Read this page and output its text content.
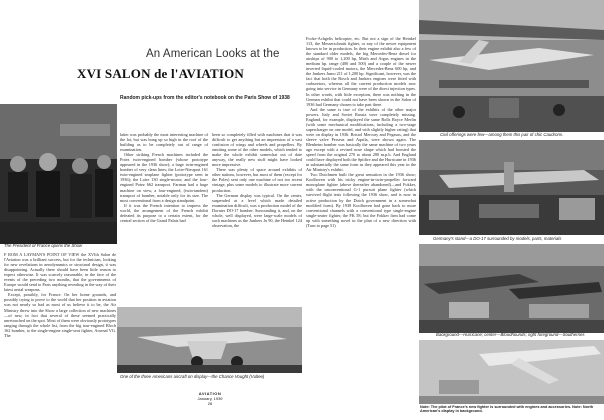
An American Looks at the
XVI SALON de l'AVIATION
Random pick-ups from the editor's notebook on the Paris Show of 1938
The President of France opens the Show
Civil offerings were few—among them this pair of chic Caudrons.
Germany's stand—a DO-17 surrounded by models, parts, materials
Background—Hurricane; center—Bloodhounds; right foreground—Southernes
One of the three Americans aircraft on display—the Chance Vought (Vultee)

F ROM A LAYMAN'S POINT OF VIEW the XVIth Salon de l'Aviation was a brilliant success, but for the technician, looking for new revelations in aerodynamics or structural design, it was disappointing. Actually there should have been little reason to expect otherwise. It was scarcely reasonable, in the face of the events of the preceding two months, that the governments of Europe would send to Paris anything revealing in the way of their latest aerial weapons.

Except, possibly, for France. On her home grounds, and possibly trying to prove to the world that her position in aviation was not nearly so bad as most of us believe it to be, the Air Ministry threw into the Show a large collection of new machines—of new, in fact that several of these seemed practically unretouched on the spot. Most of them were obviously prototypes ranging through the whole list, from the big tour-engined Bloch 162 bomber, to the single-engine single-seat fighter, Arsenal VG. The

latter was probably the most interesting machine of the lot, but was hung up so high in the roof of the building as to be completely out of range of examination.

Other striking French machines included the Potez twin-engined bomber (whose prototype appeared in the 1936 show); a large twin-engined bomber of very clean lines; the Loire-Nieuport 161 twin-engined seaplane fighter (prototype seen in 1936); the Loire 130 single-motor; and the four-engined Potez 662 transport. Farman had a huge machine on view, a four-engined, (twin-tandem) transport of bomber, notable only for its size. The most conventional from a design standpoint.

If it was the French intention to impress the world, the arrangement of the French exhibit defeated its purpose to a certain extent, for the central section of the Grand Palais had

been so completely filled with machines that it was difficult to get anything but an impression of a vast confusion of wings and wheels and propellers. By omitting some of the other models, which tended to make the whole exhibit somewhat out of date anyway, the really new stuff might have looked more impressive.

There was plenty of space around exhibits of other nations, however, but most of them (except for the Poles) sent only one machine of not too recent vintage, plus some models to illustrate more current production.

The German display was typical. On the center, suspended at a level which made detailed examination difficult, was a production model of the Dornier DO-17 bomber. Surrounding it, and, on the whole, well displayed, were large-scale models of such machines as the Junkers Ju 90, the Heinkel 124 observation, the

Focke-Achgelis helicopter, etc. But not a sign of the Heinkel 113, the Messerschmitt fighter, or any of the newer equipment known to be in production. In their engine exhibit also a few of the standard older models, the big Mercedes-Benz diesel for airships of 900 to 1,200 hp, Mirth and Argus engines in the medium hp. range (400 and 500) and a couple of the newer inverted liquid-cooled motors, the Mercedes-Benz 600 hp, and the Junkers Jumo 211 of 1,200 hp. Significant, however, was the fact that both the Bosch and Junkers engines were fitted with carburetors, whereas all the current production models now going into service in Germany were of the direct injection types. In other words, with little exception, there was nothing in the German exhibit that could not have been shown in the Salon of 1936 had Germany chosen to take part there.

And the same is true of the exhibits of the other major powers. Italy and Soviet Russia were completely missing. England, for example, displayed the same Rolls Royce Merlin (with some mechanical modifications, including a two-stage supercharger on one model, and with slightly higher rating) that were on display in 1936. Bristol Mercury and Pegasus, and the sleeve valve Perseus and Aquila, were shown again. The Blenheim bomber was basically the same machine of two years ago except with a revised nose shape which had boosted the speed from the original 270 to about 280 m.p.h. And England could have displayed both the Spitfire and the Hurricane in 1936 in substantially the same form as they appeared this year in the Air Ministry's exhibit.

Two Dutchmen built the great sensation in the 1936 show; Koolhoven with his tricky engine-in-twin-propeller forward monoplane fighter (above thereafter abandoned)—and Fokker, with the unconventional G-1 pursuit plane fighter (which survived flight tests following the 1936 show, and is now in active production by the Dutch government in a somewhat modified form). By 1938 Koolhoven had gone back to more conventional channels with a conventional type single-engine single-seater fighter, the FK 58; but the Fokker firm had come up with something novel in the plan of a new direction with (Turn to page 51)

Note: The pilot of France's new fighter is surrounded with engines and accessories. Note: North American's display in background.
AVIATION
January, 1939
26
